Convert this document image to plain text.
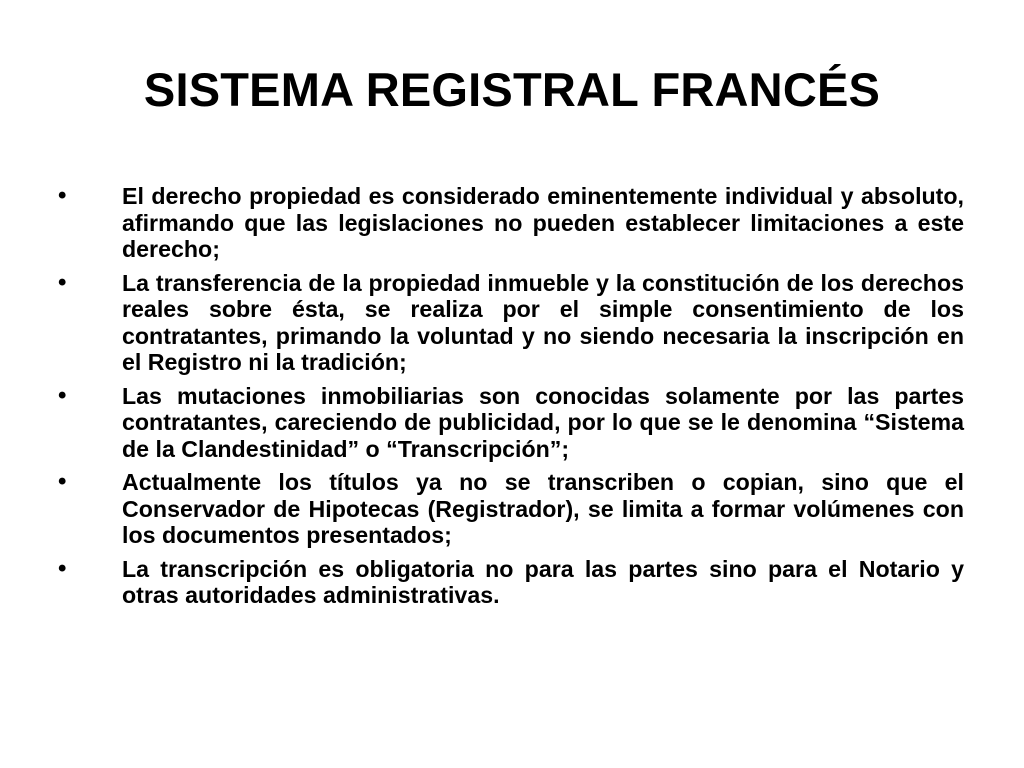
SISTEMA REGISTRAL FRANCÉS
•	El derecho propiedad es considerado eminentemente individual y absoluto, afirmando que las legislaciones no pueden establecer limitaciones a este derecho;
•	La transferencia de la propiedad inmueble y la constitución de los derechos reales sobre ésta, se realiza por el simple consentimiento de los contratantes, primando la voluntad y no siendo necesaria la inscripción en el Registro ni la tradición;
•	Las mutaciones inmobiliarias son conocidas solamente por las partes contratantes, careciendo de publicidad, por lo que se le denomina “Sistema de la Clandestinidad” o “Transcripción”;
•	Actualmente los títulos ya no se transcriben o copian, sino que el Conservador de Hipotecas (Registrador), se limita a formar volúmenes con los documentos presentados;
•	La transcripción es obligatoria no para las partes sino para el Notario y otras autoridades administrativas.
